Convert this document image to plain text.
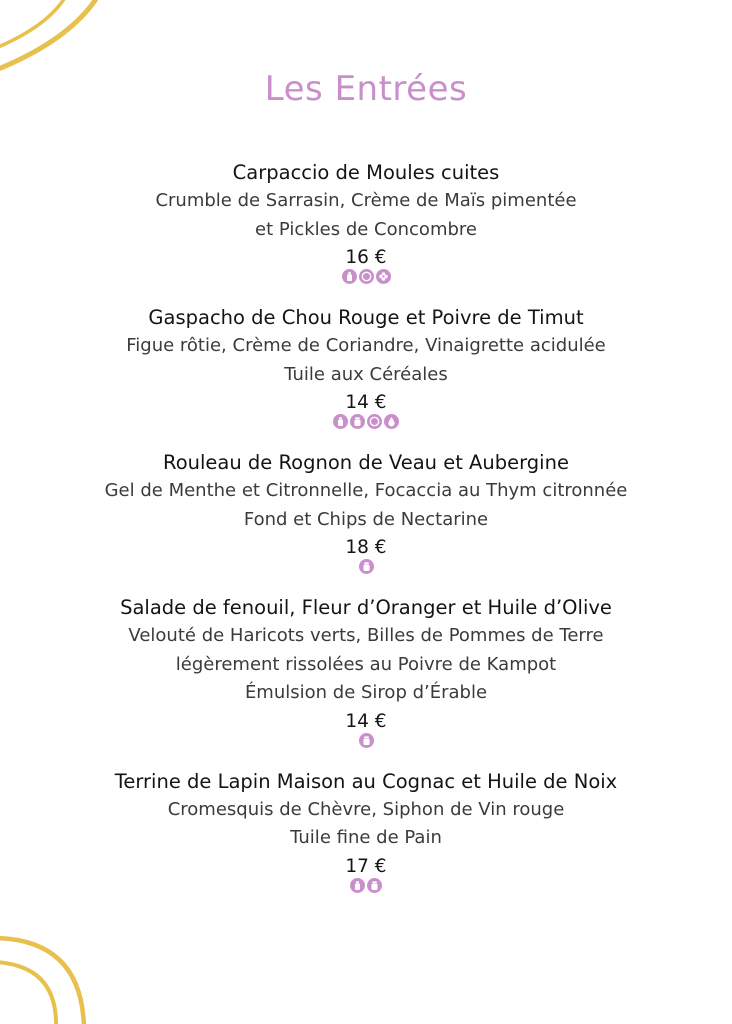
Les Entrées
Carpaccio de Moules cuites
Crumble de Sarrasin, Crème de Maïs pimentée
et Pickles de Concombre
16 €
Gaspacho de Chou Rouge et Poivre de Timut
Figue rôtie, Crème de Coriandre, Vinaigrette acidulée
Tuile aux Céréales
14 €
Rouleau de Rognon de Veau et Aubergine
Gel de Menthe et Citronnelle, Focaccia au Thym citronnée
Fond et Chips de Nectarine
18 €
Salade de fenouil, Fleur d’Oranger et Huile d’Olive
Velouté de Haricots verts, Billes de Pommes de Terre
légèrement rissolées au Poivre de Kampot
Émulsion de Sirop d’Érable
14 €
Terrine de Lapin Maison au Cognac et Huile de Noix
Cromesquis de Chèvre, Siphon de Vin rouge
Tuile fine de Pain
17 €
